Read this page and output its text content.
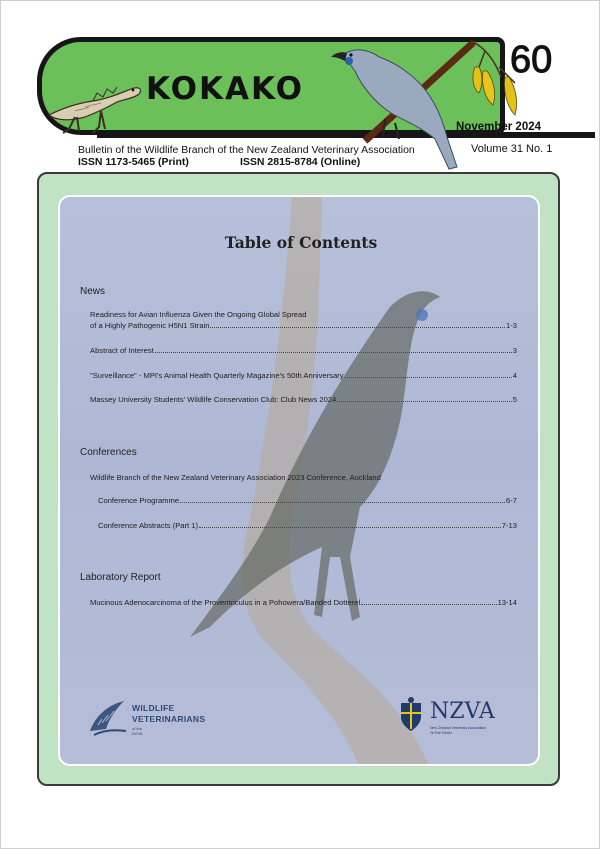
KOKAKO
60
November 2024
Bulletin of the Wildlife Branch of the New Zealand Veterinary Association	Volume 31 No. 1
ISSN 1173-5465 (Print)	ISSN 2815-8784 (Online)
Table of Contents
News
Readiness for Avian Influenza Given the Ongoing Global Spread
of a Highly Pathogenic H5N1 Strain	1-3
Abstract of Interest	3
"Surveillance" - MPI's Animal Health Quarterly Magazine's 50th Anniversary	4
Massey University Students' Wildlife Conservation Club: Club News 2024	5
Conferences
Wildlife Branch of the New Zealand Veterinary Association 2023 Conference, Auckland
Conference Programme	6-7
Conference Abstracts (Part 1)	7-13
Laboratory Report
Mucinous Adenocarcinoma of the Proventriculus in a Pohowera/Banded Dotterel	13-14
WILDLIFE
VETERINARIANS
of the NZVA
NZVA
New Zealand Veterinary Association
Te Pae Kīrehe
